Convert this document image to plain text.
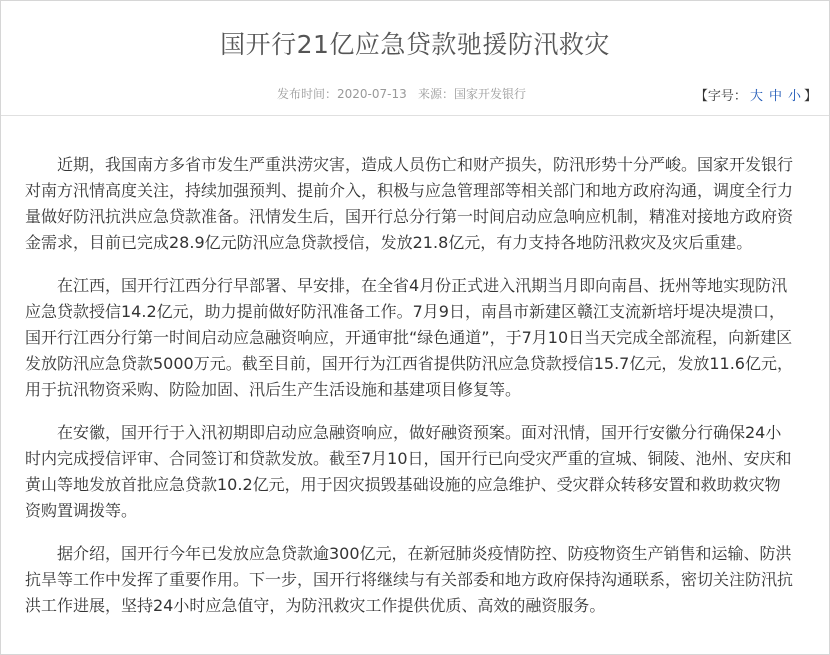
国开行21亿应急贷款驰援防汛救灾
发布时间：2020-07-13 来源：国家开发银行	【字号： 大 中 小 】

近期，我国南方多省市发生严重洪涝灾害，造成人员伤亡和财产损失，防汛形势十分严峻。国家开发银行对南方汛情高度关注，持续加强预判、提前介入，积极与应急管理部等相关部门和地方政府沟通，调度全行力量做好防汛抗洪应急贷款准备。汛情发生后，国开行总分行第一时间启动应急响应机制，精准对接地方政府资金需求，目前已完成28.9亿元防汛应急贷款授信，发放21.8亿元，有力支持各地防汛救灾及灾后重建。

在江西，国开行江西分行早部署、早安排，在全省4月份正式进入汛期当月即向南昌、抚州等地实现防汛应急贷款授信14.2亿元，助力提前做好防汛准备工作。7月9日，南昌市新建区赣江支流新培圩堤决堤溃口，国开行江西分行第一时间启动应急融资响应，开通审批“绿色通道”，于7月10日当天完成全部流程，向新建区发放防汛应急贷款5000万元。截至目前，国开行为江西省提供防汛应急贷款授信15.7亿元，发放11.6亿元，用于抗汛物资采购、防险加固、汛后生产生活设施和基建项目修复等。

在安徽，国开行于入汛初期即启动应急融资响应，做好融资预案。面对汛情，国开行安徽分行确保24小时内完成授信评审、合同签订和贷款发放。截至7月10日，国开行已向受灾严重的宣城、铜陵、池州、安庆和黄山等地发放首批应急贷款10.2亿元，用于因灾损毁基础设施的应急维护、受灾群众转移安置和救助救灾物资购置调拨等。

据介绍，国开行今年已发放应急贷款逾300亿元，在新冠肺炎疫情防控、防疫物资生产销售和运输、防洪抗旱等工作中发挥了重要作用。下一步，国开行将继续与有关部委和地方政府保持沟通联系，密切关注防汛抗洪工作进展，坚持24小时应急值守，为防汛救灾工作提供优质、高效的融资服务。
